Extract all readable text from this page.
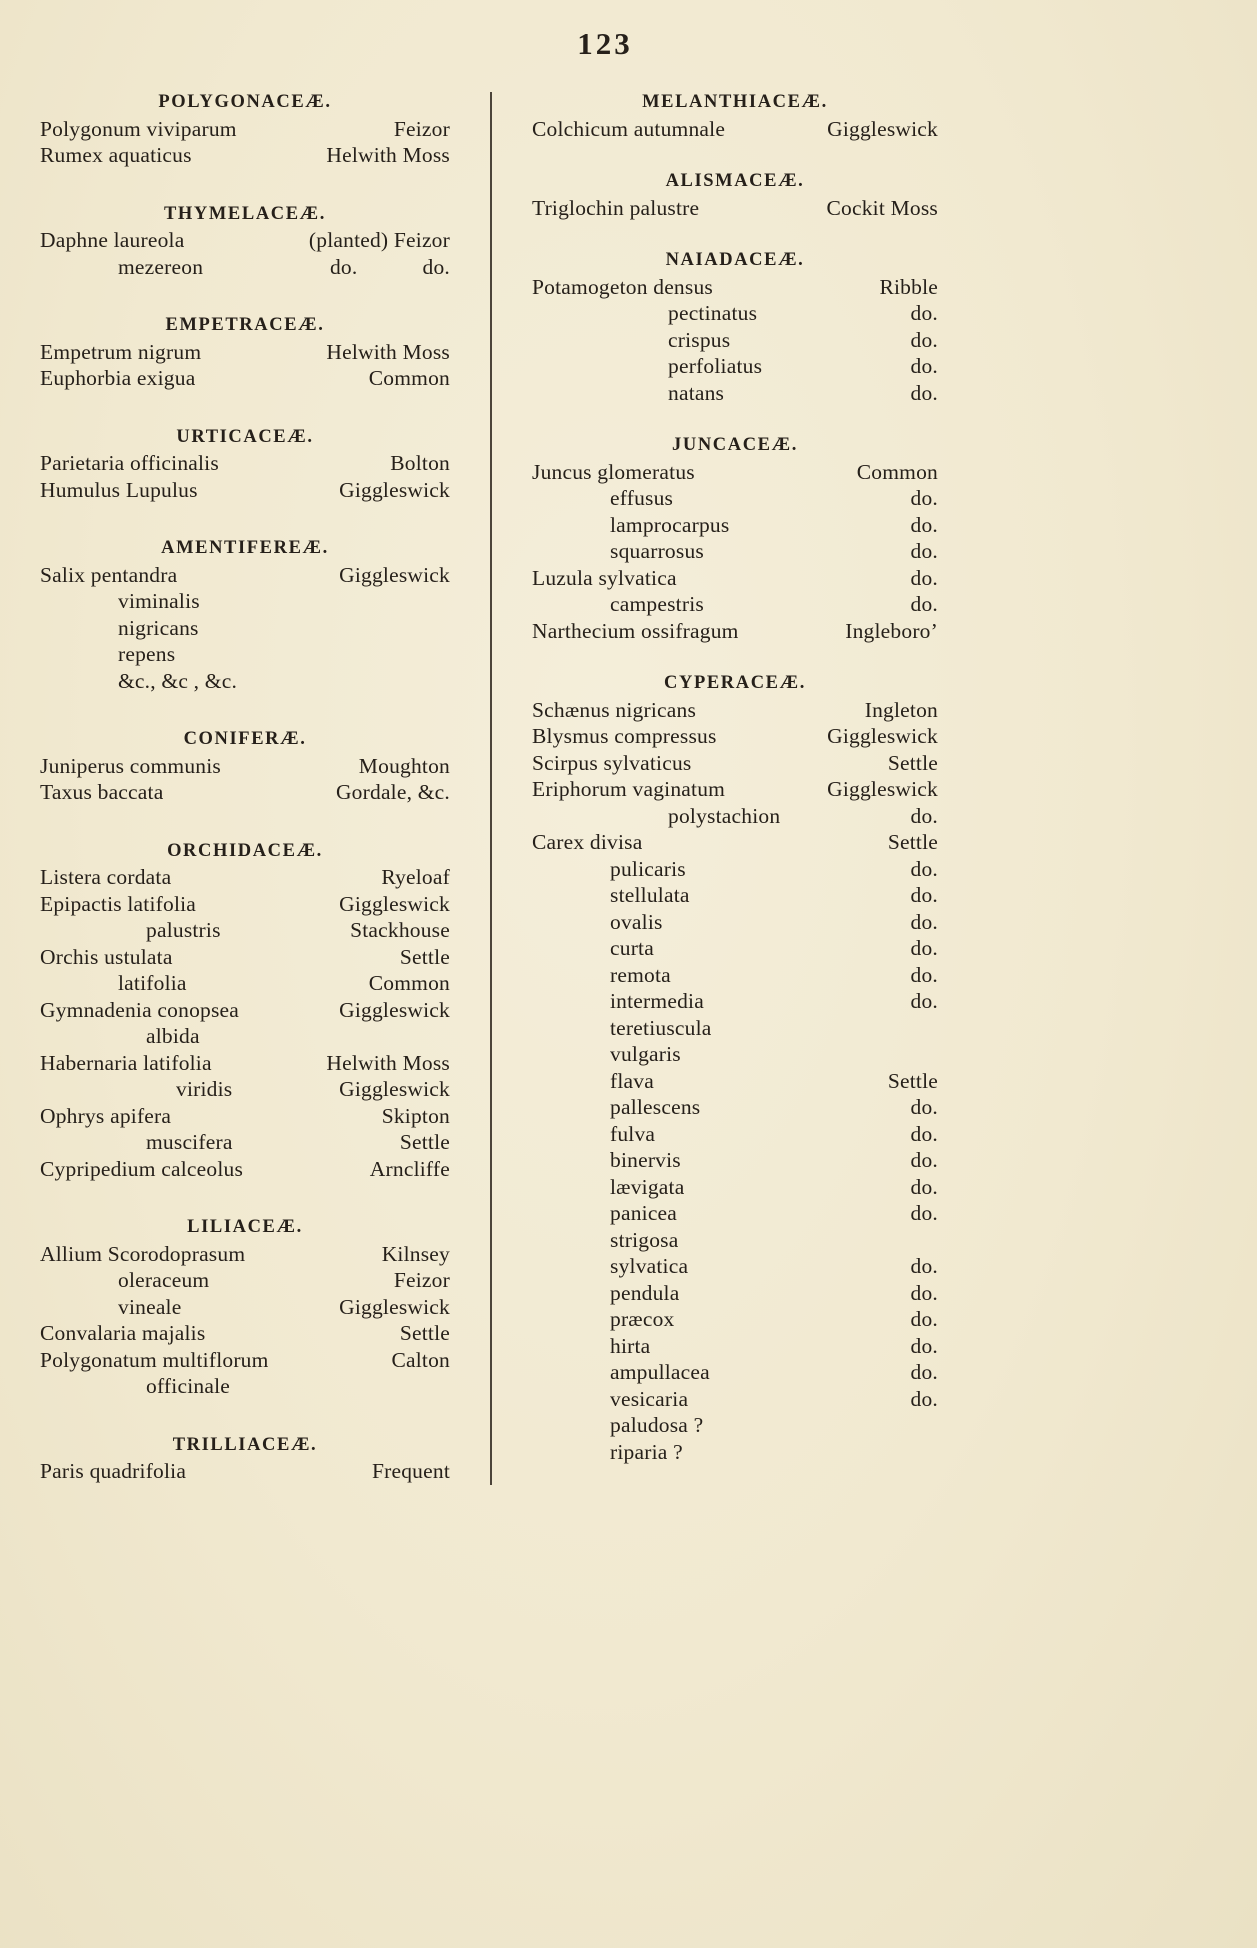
123
POLYGONACEÆ.
Polygonum viviparum	Feizor
Rumex aquaticus	Helwith Moss
THYMELACEÆ.
Daphne laureola	(planted) Feizor
mezereon	do.   do.
EMPETRACEÆ.
Empetrum nigrum	Helwith Moss
Euphorbia exigua	Common
URTICACEÆ.
Parietaria officinalis	Bolton
Humulus Lupulus	Giggleswick
AMENTIFEREÆ.
Salix pentandra	Giggleswick
viminalis
nigricans
repens
&c., &c , &c.
CONIFERÆ.
Juniperus communis	Moughton
Taxus baccata	Gordale, &c.
ORCHIDACEÆ.
Listera cordata	Ryeloaf
Epipactis latifolia	Giggleswick
palustris	Stackhouse
Orchis ustulata	Settle
latifolia	Common
Gymnadenia conopsea	Giggleswick
albida
Habernaria latifolia	Helwith Moss
viridis	Giggleswick
Ophrys apifera	Skipton
muscifera	Settle
Cypripedium calceolus	Arncliffe
LILIACEÆ.
Allium Scorodoprasum	Kilnsey
oleraceum	Feizor
vineale	Giggleswick
Convalaria majalis	Settle
Polygonatum multiflorum	Calton
officinale
TRILLIACEÆ.
Paris quadrifolia	Frequent
MELANTHIACEÆ.
Colchicum autumnale	Giggleswick
ALISMACEÆ.
Triglochin palustre	Cockit Moss
NAIADACEÆ.
Potamogeton densus	Ribble
pectinatus	do.
crispus	do.
perfoliatus	do.
natans	do.
JUNCACEÆ.
Juncus glomeratus	Common
effusus	do.
lamprocarpus	do.
squarrosus	do.
Luzula sylvatica	do.
campestris	do.
Narthecium ossifragum	Ingleboro’
CYPERACEÆ.
Schænus nigricans	Ingleton
Blysmus compressus	Giggleswick
Scirpus sylvaticus	Settle
Eriphorum vaginatum	Giggleswick
polystachion	do.
Carex divisa	Settle
pulicaris	do.
stellulata	do.
ovalis	do.
curta	do.
remota	do.
intermedia	do.
teretiuscula
vulgaris
flava	Settle
pallescens	do.
fulva	do.
binervis	do.
lævigata	do.
panicea	do.
strigosa
sylvatica	do.
pendula	do.
præcox	do.
hirta	do.
ampullacea	do.
vesicaria	do.
paludosa ?
riparia ?
